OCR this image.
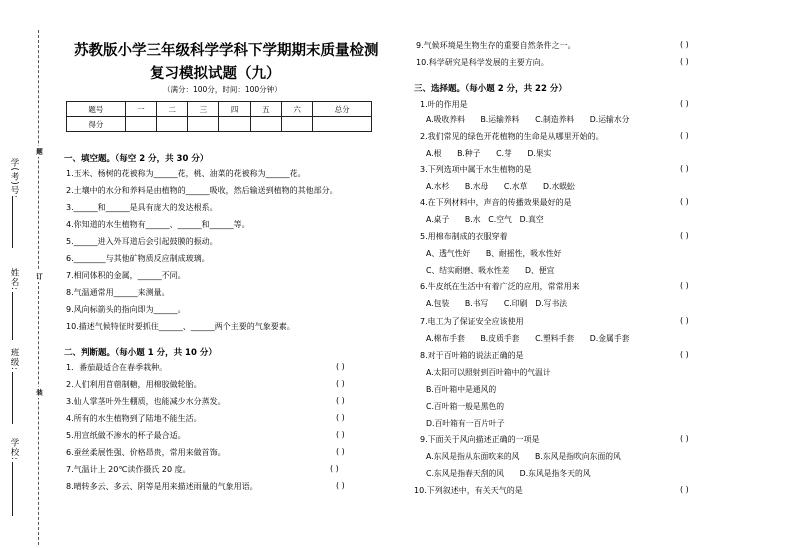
学(考)号:
姓名:
班级:
学校:
题
订
装
苏教版小学三年级科学学科下学期期末质量检测
复习模拟试题（九）
（满分：100分，时间：100分钟）
题号	一	二	三	四	五	六	总分
得分							
一、填空题。（每空 2 分，共 30 分）
1.玉米、杨树的花被称为______花，桃、油菜的花被称为______花。
2.土壤中的水分和养料是由植物的______吸收，然后输送到植物的其他部分。
3.______和______是具有庞大的发达根系。
4.你知道的水生植物有______、______和______等。
5.______进入外耳道后会引起鼓膜的振动。
6.________与其他矿物质反应制成玻璃。
7.相同体积的金属，______不同。
8.气温通常用______来测量。
9.风向标箭头的指向即为______。
10.描述气候特征时要抓住______、______两个主要的气象要素。
二、判断题。（每小题 1 分，共 10 分）
1．番茄最适合在春季栽种。	( )
2.人们利用苜蓿制糖，用棉胶做轮胎。	( )
3.仙人掌茎叶外生棚质，也能减少水分蒸发。	( )
4.所有的水生植物到了陆地不能生活。	( )
5.用宣纸做不渗水的杯子最合适。	( )
6.蚕丝柔展性强、价格昂贵，常用来做首饰。	( )
7.气温计上 20℃读作摄氏 20 度。	( )
8.晴转多云、多云、阴等是用来描述雨量的气象用语。	( )
9.气候环境是生物生存的重要自然条件之一。	( )
10.科学研究是科学发展的主要方向。	( )
三、选择题。（每小题 2 分，共 22 分）
1.叶的作用是	( )
A.吸收养料　　B.运输养料　　C.制造养料　　D.运输水分
2.我们常见的绿色开花植物的生命是从哪里开始的。	( )
A.根　　B.种子　　C.芽　　D.果实
3.下列选项中属于水生植物的是	( )
A.水杉　　B.水母　　C.水草　　D.水蜈蚣
4.在下列材料中，声音的传播效果最好的是	( )
A.桌子　　B.水　C.空气　D.真空
5.用棉布制成的衣服穿着	( )
A、透气性好　　B、耐摇性，吸水性好
C、结实耐磨、吸水性差　　D、便宜
6.牛皮纸在生活中有着广泛的应用，常常用来	( )
A.包装　　B.书写　　C.印刷　D.写书法
7.电工为了保证安全应该使用	( )
A.棉布手套　　B.皮质手套　　C.塑料手套　　D.金属手套
8.对于百叶箱的说法正确的是	( )
A.太阳可以照射到百叶箱中的气温计
B.百叶箱中是通风的
C.百叶箱一般是黑色的
D.百叶箱有一百片叶子
9.下面关于风向描述正确的一项是	( )
A.东风是指从东面吹来的风　　B.东风是指吹向东面的风
C.东风是指春天刮的风　　D.东风是指冬天的风
10.下列叙述中，有关天气的是	( )
